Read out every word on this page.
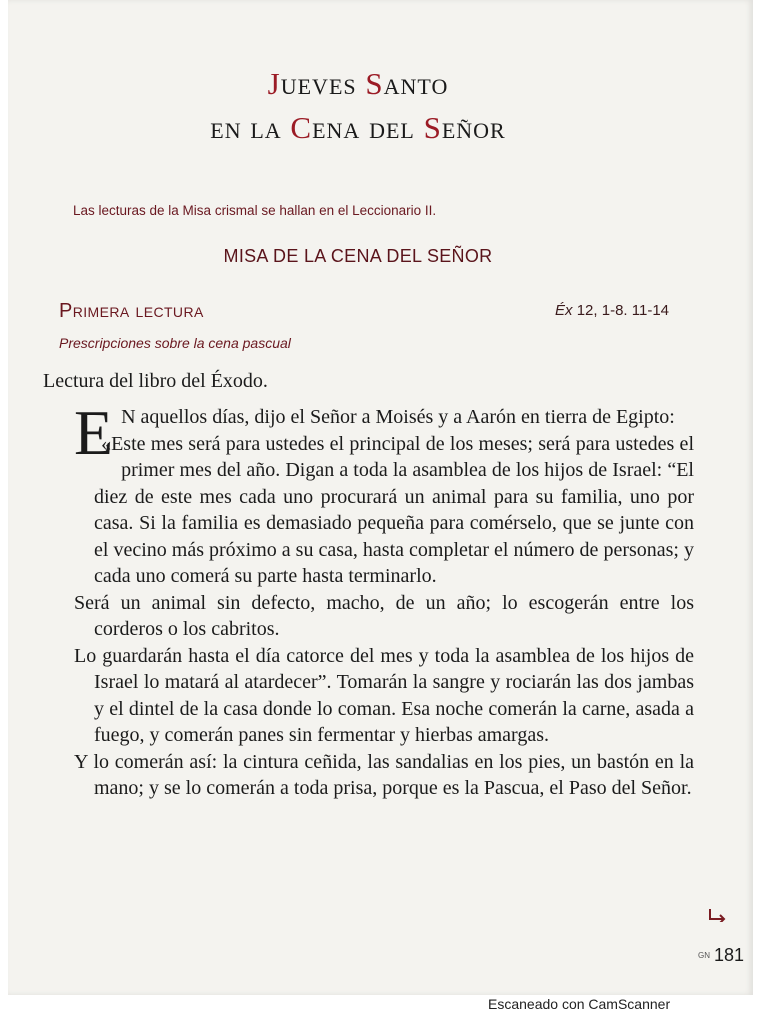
Jueves Santo
en la Cena del Señor
Las lecturas de la Misa crismal se hallan en el Leccionario II.
MISA DE LA CENA DEL SEÑOR
Primera lectura	Éx 12, 1-8. 11-14
Prescripciones sobre la cena pascual
Lectura del libro del Éxodo.

E N aquellos días, dijo el Señor a Moisés y a Aarón en tierra de Egipto:

«Este mes será para ustedes el principal de los meses; será para ustedes el primer mes del año. Digan a toda la asamblea de los hijos de Israel: “El diez de este mes cada uno procurará un animal para su familia, uno por casa. Si la familia es demasiado pequeña para comérselo, que se junte con el vecino más próximo a su casa, hasta completar el número de personas; y cada uno comerá su parte hasta terminarlo.

Será un animal sin defecto, macho, de un año; lo escogerán entre los corderos o los cabritos.

Lo guardarán hasta el día catorce del mes y toda la asamblea de los hijos de Israel lo matará al atardecer”. Tomarán la sangre y rociarán las dos jambas y el dintel de la casa donde lo coman. Esa noche comerán la carne, asada a fuego, y comerán panes sin fermentar y hierbas amargas.

Y lo comerán así: la cintura ceñida, las sandalias en los pies, un bastón en la mano; y se lo comerán a toda prisa, porque es la Pascua, el Paso del Señor.

GN 181
Escaneado con CamScanner
